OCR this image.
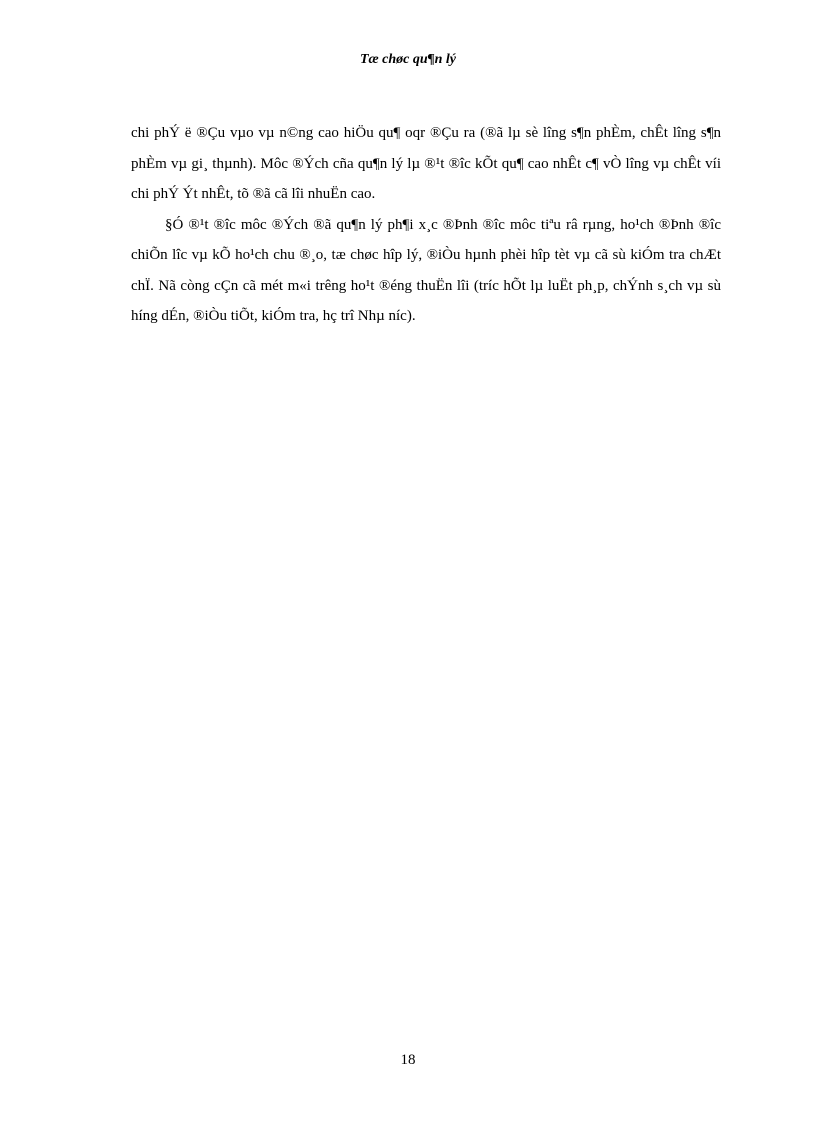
Tæ chøc qu¶n lý

chi phÝ ë ®Çu vµo vµ n©ng cao hiÖu qu¶ oqr ®Çu ra (®ã lµ sè lîng s¶n phÈm, chÊt lîng s¶n phÈm vµ gi¸ thµnh). Môc ®Ých cña qu¶n lý lµ ®¹t ®îc kÕt qu¶ cao nhÊt c¶ vÒ lîng vµ chÊt víi chi phÝ Ýt nhÊt, tõ ®ã cã lîi nhuËn cao.

§Ó ®¹t ®îc môc ®Ých ®ã qu¶n lý ph¶i x¸c ®Þnh ®îc môc tiªu râ rµng, ho¹ch ®Þnh ®îc chiÕn lîc vµ kÕ ho¹ch chu ®¸o, tæ chøc hîp lý, ®iÒu hµnh phèi hîp tèt vµ cã sù kiÓm tra chÆt chÏ. Nã còng cÇn cã mét m«i trêng ho¹t ®éng thuËn lîi (tríc hÕt lµ luËt ph¸p, chÝnh s¸ch vµ sù híng dÉn, ®iÒu tiÕt, kiÓm tra, hç trî Nhµ níc).

18
